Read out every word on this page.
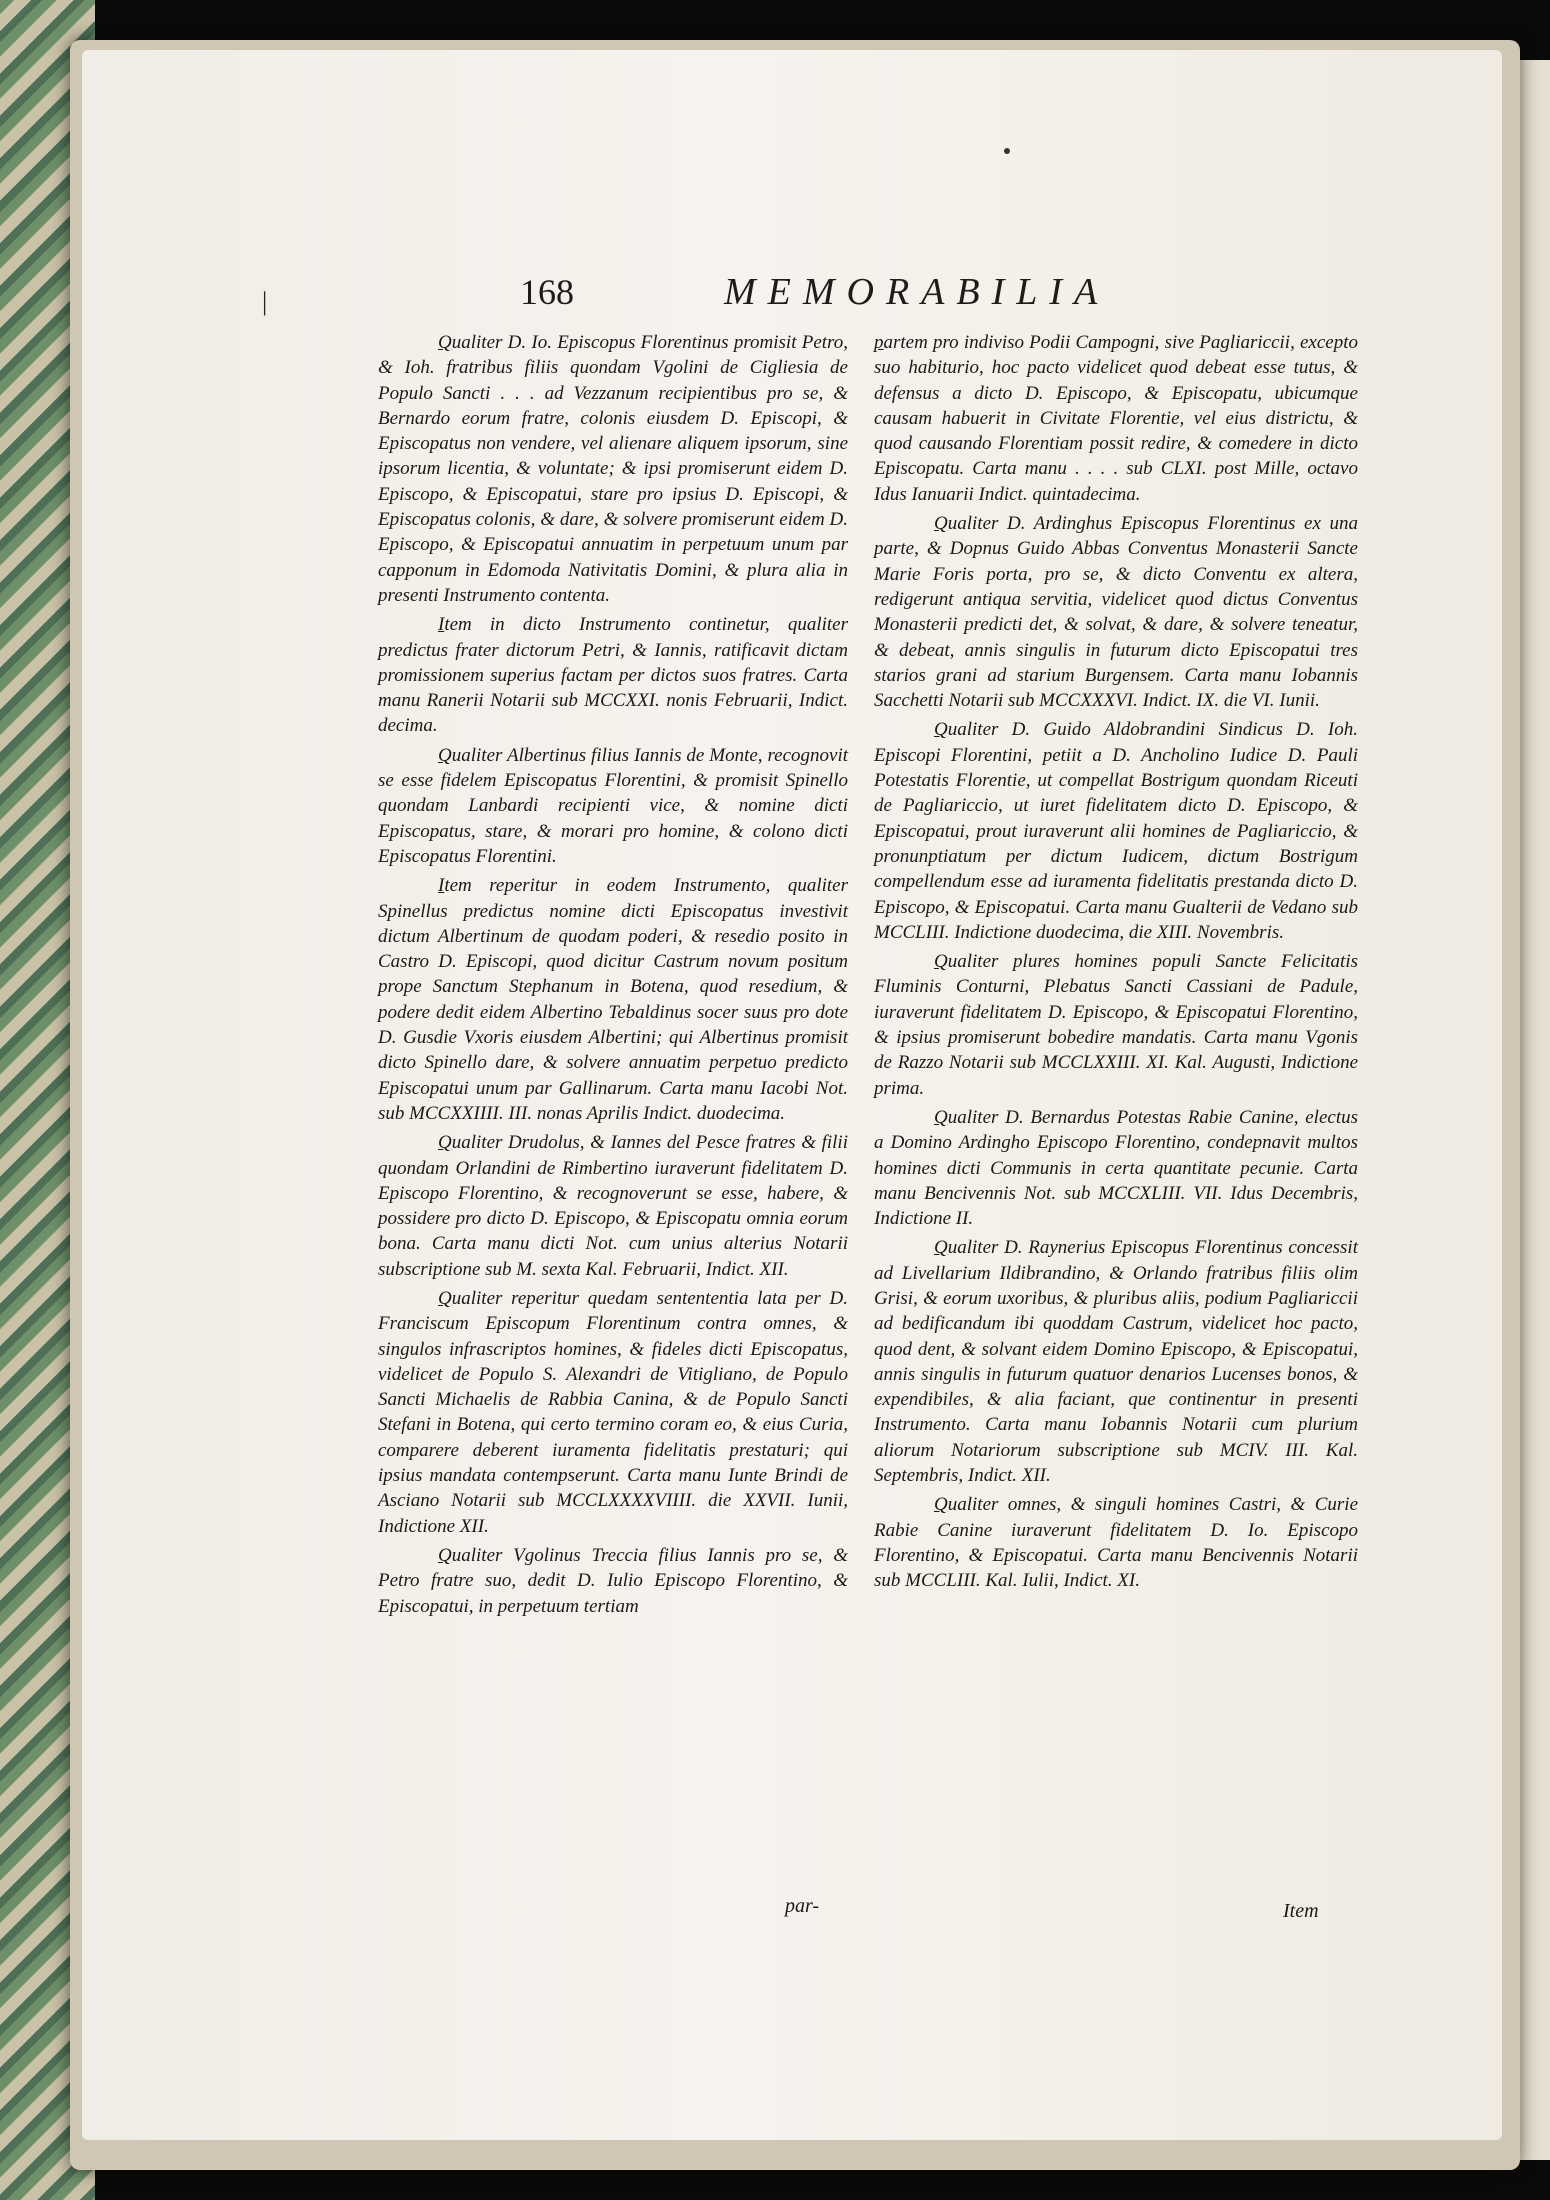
|	168	MEMORABILIA

Qualiter D. Io. Episcopus Florentinus promisit Petro, & Ioh. fratribus filiis quondam Vgolini de Cigliesia de Populo Sancti . . . ad Vezzanum recipientibus pro se, & Bernardo eorum fratre, colonis eiusdem D. Episcopi, & Episcopatus non vendere, vel alienare aliquem ipsorum, sine ipsorum licentia, & voluntate; & ipsi promiserunt eidem D. Episcopo, & Episcopatui, stare pro ipsius D. Episcopi, & Episcopatus colonis, & dare, & solvere promiserunt eidem D. Episcopo, & Episcopatui annuatim in perpetuum unum par capponum in Edomoda Nativitatis Domini, & plura alia in presenti Instrumento contenta.

Item in dicto Instrumento continetur, qualiter predictus frater dictorum Petri, & Iannis, ratificavit dictam promissionem superius factam per dictos suos fratres. Carta manu Ranerii Notarii sub MCCXXI. nonis Februarii, Indict. decima.

Qualiter Albertinus filius Iannis de Monte, recognovit se esse fidelem Episcopatus Florentini, & promisit Spinello quondam Lanbardi recipienti vice, & nomine dicti Episcopatus, stare, & morari pro homine, & colono dicti Episcopatus Florentini.

Item reperitur in eodem Instrumento, qualiter Spinellus predictus nomine dicti Episcopatus investivit dictum Albertinum de quodam poderi, & resedio posito in Castro D. Episcopi, quod dicitur Castrum novum positum prope Sanctum Stephanum in Botena, quod resedium, & podere dedit eidem Albertino Tebaldinus socer suus pro dote D. Gusdie Vxoris eiusdem Albertini; qui Albertinus promisit dicto Spinello dare, & solvere annuatim perpetuo predicto Episcopatui unum par Gallinarum. Carta manu Iacobi Not. sub MCCXXIIII. III. nonas Aprilis Indict. duodecima.

Qualiter Drudolus, & Iannes del Pesce fratres & filii quondam Orlandini de Rimbertino iuraverunt fidelitatem D. Episcopo Florentino, & recognoverunt se esse, habere, & possidere pro dicto D. Episcopo, & Episcopatu omnia eorum bona. Carta manu dicti Not. cum unius alterius Notarii subscriptione sub M. sexta Kal. Februarii, Indict. XII.

Qualiter reperitur quedam sentententia lata per D. Franciscum Episcopum Florentinum contra omnes, & singulos infrascriptos homines, & fideles dicti Episcopatus, videlicet de Populo S. Alexandri de Vitigliano, de Populo Sancti Michaelis de Rabbia Canina, & de Populo Sancti Stefani in Botena, qui certo termino coram eo, & eius Curia, comparere deberent iuramenta fidelitatis prestaturi; qui ipsius mandata contempserunt. Carta manu Iunte Brindi de Asciano Notarii sub MCCLXXXXVIIII. die XXVII. Iunii, Indictione XII.

Qualiter Vgolinus Treccia filius Iannis pro se, & Petro fratre suo, dedit D. Iulio Episcopo Florentino, & Episcopatui, in perpetuum tertiam

par-

partem pro indiviso Podii Campogni, sive Pagliariccii, excepto suo habiturio, hoc pacto videlicet quod debeat esse tutus, & defensus a dicto D. Episcopo, & Episcopatu, ubicumque causam habuerit in Civitate Florentie, vel eius districtu, & quod causando Florentiam possit redire, & comedere in dicto Episcopatu. Carta manu . . . . sub CLXI. post Mille, octavo Idus Ianuarii Indict. quintadecima.

Qualiter D. Ardinghus Episcopus Florentinus ex una parte, & Dopnus Guido Abbas Conventus Monasterii Sancte Marie Foris porta, pro se, & dicto Conventu ex altera, redigerunt antiqua servitia, videlicet quod dictus Conventus Monasterii predicti det, & solvat, & dare, & solvere teneatur, & debeat, annis singulis in futurum dicto Episcopatui tres starios grani ad starium Burgensem. Carta manu Iobannis Sacchetti Notarii sub MCCXXXVI. Indict. IX. die VI. Iunii.

Qualiter D. Guido Aldobrandini Sindicus D. Ioh. Episcopi Florentini, petiit a D. Ancholino Iudice D. Pauli Potestatis Florentie, ut compellat Bostrigum quondam Riceuti de Pagliariccio, ut iuret fidelitatem dicto D. Episcopo, & Episcopatui, prout iuraverunt alii homines de Pagliariccio, & pronunptiatum per dictum Iudicem, dictum Bostrigum compellendum esse ad iuramenta fidelitatis prestanda dicto D. Episcopo, & Episcopatui. Carta manu Gualterii de Vedano sub MCCLIII. Indictione duodecima, die XIII. Novembris.

Qualiter plures homines populi Sancte Felicitatis Fluminis Conturni, Plebatus Sancti Cassiani de Padule, iuraverunt fidelitatem D. Episcopo, & Episcopatui Florentino, & ipsius promiserunt bobedire mandatis. Carta manu Vgonis de Razzo Notarii sub MCCLXXIII. XI. Kal. Augusti, Indictione prima.

Qualiter D. Bernardus Potestas Rabie Canine, electus a Domino Ardingho Episcopo Florentino, condepnavit multos homines dicti Communis in certa quantitate pecunie. Carta manu Bencivennis Not. sub MCCXLIII. VII. Idus Decembris, Indictione II.

Qualiter D. Raynerius Episcopus Florentinus concessit ad Livellarium Ildibrandino, & Orlando fratribus filiis olim Grisi, & eorum uxoribus, & pluribus aliis, podium Pagliariccii ad bedificandum ibi quoddam Castrum, videlicet hoc pacto, quod dent, & solvant eidem Domino Episcopo, & Episcopatui, annis singulis in futurum quatuor denarios Lucenses bonos, & expendibiles, & alia faciant, que continentur in presenti Instrumento. Carta manu Iobannis Notarii cum plurium aliorum Notariorum subscriptione sub MCIV. III. Kal. Septembris, Indict. XII.

Qualiter omnes, & singuli homines Castri, & Curie Rabie Canine iuraverunt fidelitatem D. Io. Episcopo Florentino, & Episcopatui. Carta manu Bencivennis Notarii sub MCCLIII. Kal. Iulii, Indict. XI.

Item
